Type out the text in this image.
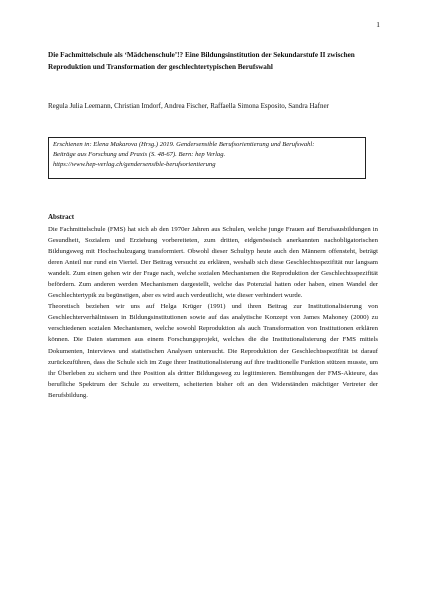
1
Die Fachmittelschule als ‘Mädchenschule’!? Eine Bildungsinstitution der Sekundarstufe II zwischen Reproduktion und Transformation der geschlechtertypischen Berufswahl

Regula Julia Leemann, Christian Imdorf, Andrea Fischer, Raffaella Simona Esposito, Sandra Hafner

Erschienen in: Elena Makarova (Hrsg.) 2019. Gendersensible Berufsorientierung und Berufswahl:
Beiträge aus Forschung und Praxis (S. 48-67). Bern: hep Verlag.
https://www.hep-verlag.ch/gendersensible-berufsorientierung
Abstract

Die Fachmittelschule (FMS) hat sich ab den 1970er Jahren aus Schulen, welche junge Frauen auf Berufsausbildungen in Gesundheit, Sozialem und Erziehung vorbereiteten, zum dritten, eidgenössisch anerkannten nachobligatorischen Bildungsweg mit Hochschulzugang transformiert. Obwohl dieser Schultyp heute auch den Männern offensteht, beträgt deren Anteil nur rund ein Viertel. Der Beitrag versucht zu erklären, weshalb sich diese Geschlechtsspezifität nur langsam wandelt. Zum einen gehen wir der Frage nach, welche sozialen Mechanismen die Reproduktion der Geschlechtsspezifität befördern. Zum anderen werden Mechanismen dargestellt, welche das Potenzial hatten oder haben, einen Wandel der Geschlechtertypik zu begünstigen, aber es wird auch verdeutlicht, wie dieser verhindert wurde.

Theoretisch beziehen wir uns auf Helga Krüger (1991) und ihren Beitrag zur Institutionalisierung von Geschlechterverhältnissen in Bildungsinstitutionen sowie auf das analytische Konzept von James Mahoney (2000) zu verschiedenen sozialen Mechanismen, welche sowohl Reproduktion als auch Transformation von Institutionen erklären können. Die Daten stammen aus einem Forschungsprojekt, welches die die Institutionalisierung der FMS mittels Dokumenten, Interviews und statistischen Analysen untersucht. Die Reproduktion der Geschlechtsspezifität ist darauf zurückzuführen, dass die Schule sich im Zuge ihrer Institutionalisierung auf ihre traditionelle Funktion stützen musste, um ihr Überleben zu sichern und ihre Position als dritter Bildungsweg zu legitimieren. Bemühungen der FMS-Akteure, das berufliche Spektrum der Schule zu erweitern, scheiterten bisher oft an den Widerständen mächtiger Vertreter der Berufsbildung.
